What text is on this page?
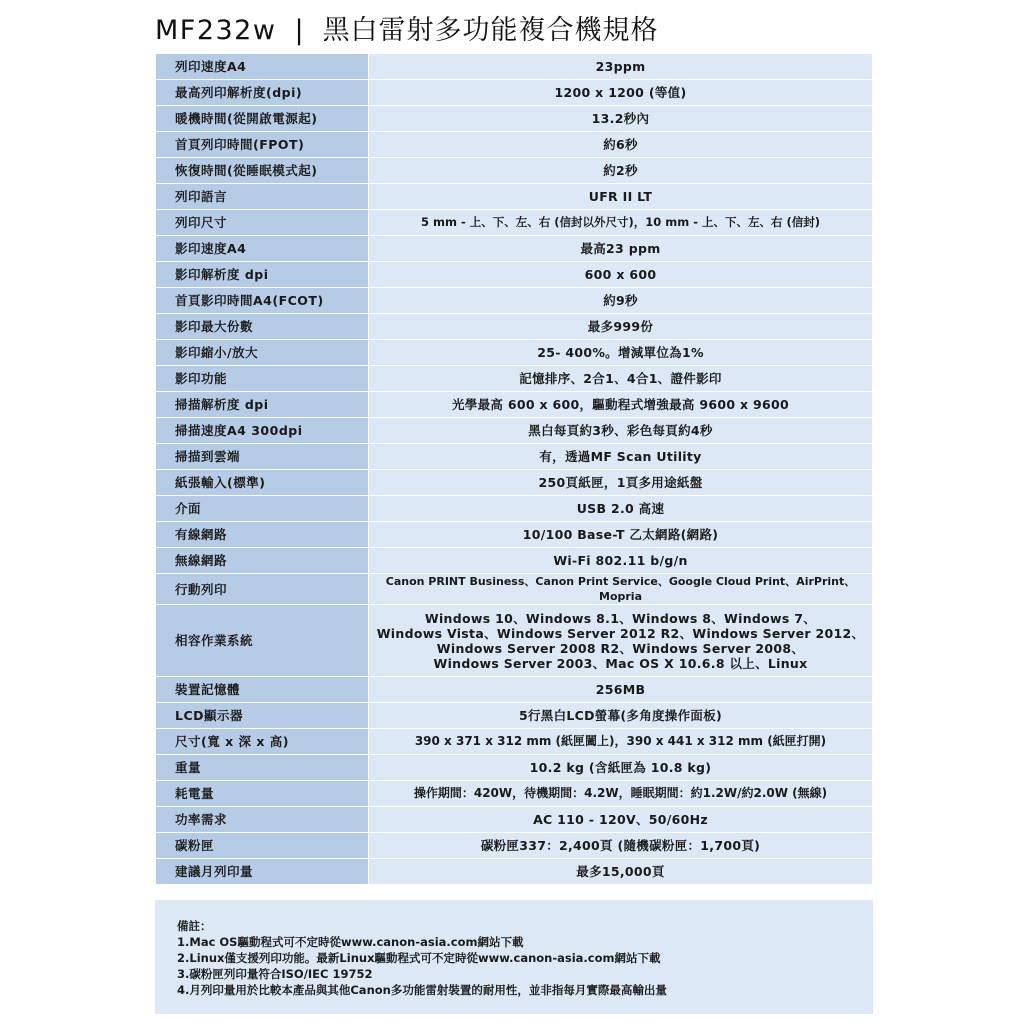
MF232w | 黑白雷射多功能複合機規格
列印速度A4	23ppm
最高列印解析度(dpi)	1200 x 1200 (等值)
暖機時間(從開啟電源起)	13.2秒內
首頁列印時間(FPOT)	約6秒
恢復時間(從睡眠模式起)	約2秒
列印語言	UFR II LT
列印尺寸	5 mm - 上、下、左、右 (信封以外尺寸)，10 mm - 上、下、左、右 (信封)
影印速度A4	最高23 ppm
影印解析度 dpi	600 x 600
首頁影印時間A4(FCOT)	約9秒
影印最大份數	最多999份
影印縮小/放大	25- 400%。增減單位為1%
影印功能	記憶排序、2合1、4合1、證件影印
掃描解析度 dpi	光學最高 600 x 600，驅動程式增強最高 9600 x 9600
掃描速度A4 300dpi	黑白每頁約3秒、彩色每頁約4秒
掃描到雲端	有，透過MF Scan Utility
紙張輸入(標準)	250頁紙匣，1頁多用途紙盤
介面	USB 2.0 高速
有線網路	10/100 Base-T 乙太網路(網路)
無線網路	Wi-Fi 802.11 b/g/n
行動列印	Canon PRINT Business、Canon Print Service、Google Cloud Print、AirPrint、Mopria
相容作業系統	Windows 10、Windows 8.1、Windows 8、Windows 7、
Windows Vista、Windows Server 2012 R2、Windows Server 2012、
Windows Server 2008 R2、Windows Server 2008、
Windows Server 2003、Mac OS X 10.6.8 以上、Linux

裝置記憶體	256MB
LCD顯示器	5行黑白LCD螢幕(多角度操作面板)
尺寸(寬 x 深 x 高)	390 x 371 x 312 mm (紙匣闔上)，390 x 441 x 312 mm (紙匣打開)
重量	10.2 kg (含紙匣為 10.8 kg)
耗電量	操作期間：420W，待機期間：4.2W，睡眠期間：約1.2W/約2.0W (無線)
功率需求	AC 110 - 120V、50/60Hz
碳粉匣	碳粉匣337：2,400頁 (隨機碳粉匣：1,700頁)
建議月列印量	最多15,000頁
備註：
1.Mac OS驅動程式可不定時從www.canon-asia.com網站下載
2.Linux僅支援列印功能。最新Linux驅動程式可不定時從www.canon-asia.com網站下載
3.碳粉匣列印量符合ISO/IEC 19752
4.月列印量用於比較本產品與其他Canon多功能雷射裝置的耐用性，並非指每月實際最高輸出量
